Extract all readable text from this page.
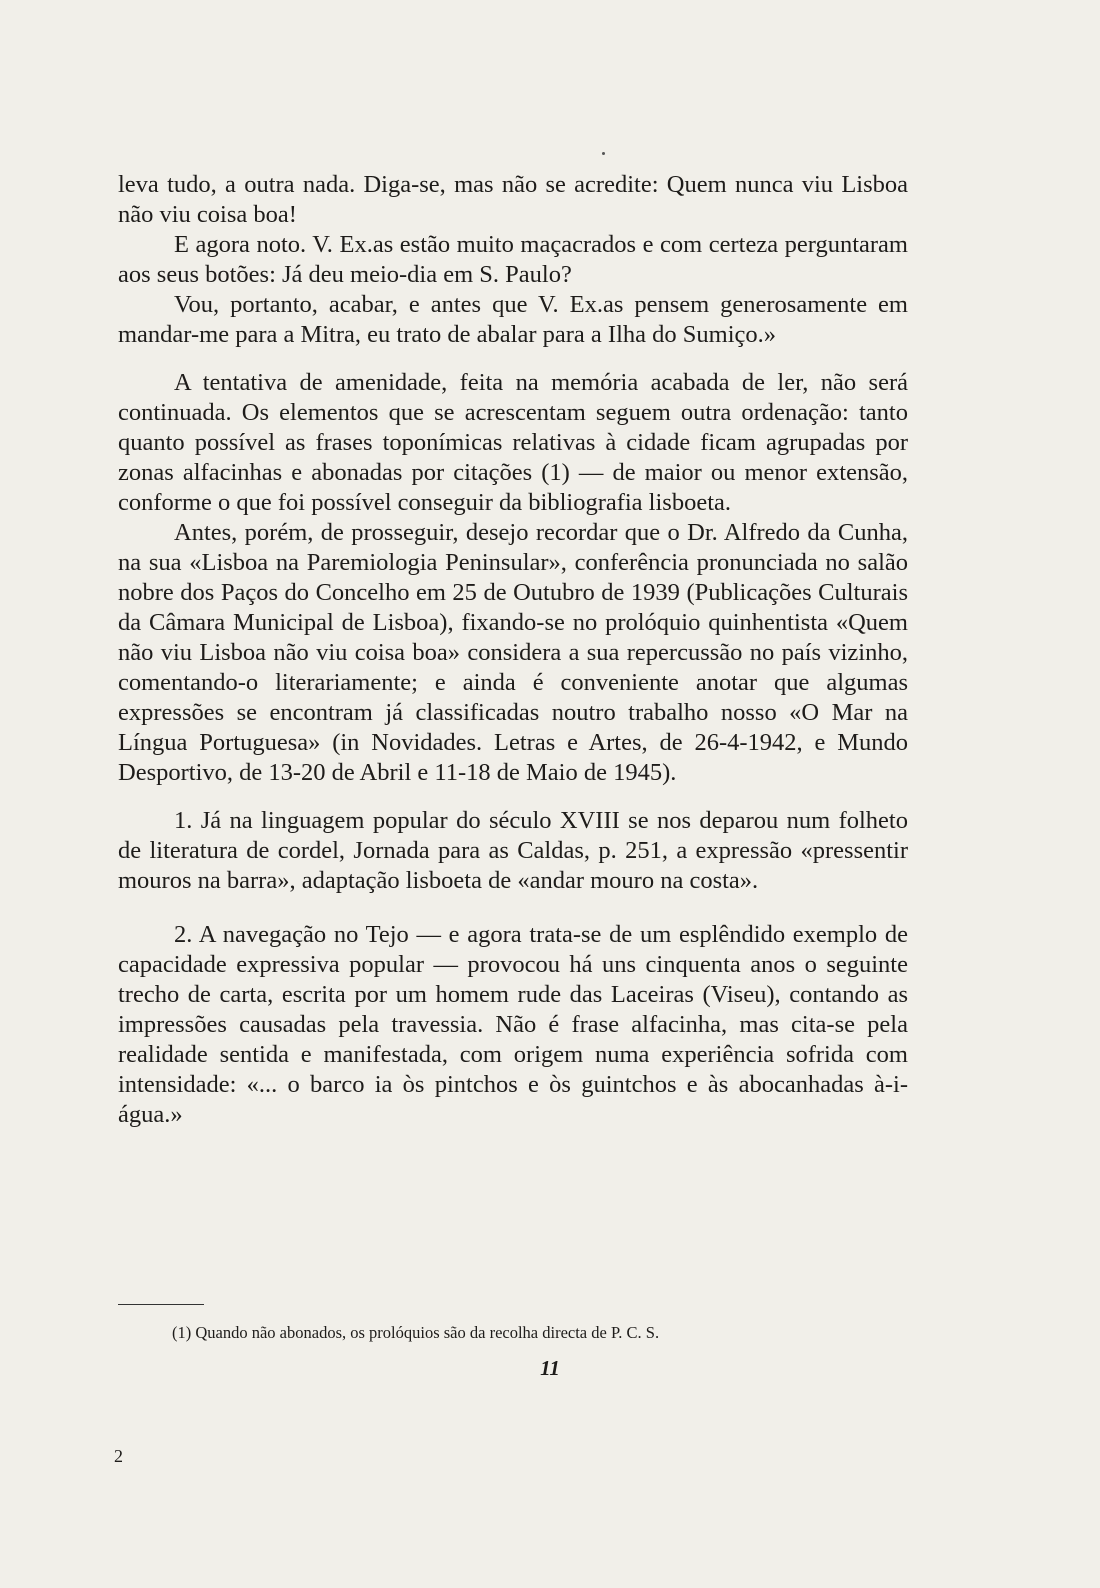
leva tudo, a outra nada. Diga-se, mas não se acredite: Quem nunca viu Lisboa não viu coisa boa!

E agora noto. V. Ex.as estão muito maçacrados e com certeza perguntaram aos seus botões: Já deu meio-dia em S. Paulo?

Vou, portanto, acabar, e antes que V. Ex.as pensem generosamente em mandar-me para a Mitra, eu trato de abalar para a Ilha do Sumiço.»

A tentativa de amenidade, feita na memória acabada de ler, não será continuada. Os elementos que se acrescentam seguem outra ordenação: tanto quanto possível as frases toponímicas relativas à cidade ficam agrupadas por zonas alfacinhas e abonadas por citações (1) — de maior ou menor extensão, conforme o que foi possível conseguir da bibliografia lisboeta.

Antes, porém, de prosseguir, desejo recordar que o Dr. Alfredo da Cunha, na sua «Lisboa na Paremiologia Peninsular», conferência pronunciada no salão nobre dos Paços do Concelho em 25 de Outubro de 1939 (Publicações Culturais da Câmara Municipal de Lisboa), fixando-se no prolóquio quinhentista «Quem não viu Lisboa não viu coisa boa» considera a sua repercussão no país vizinho, comentando-o literariamente; e ainda é conveniente anotar que algumas expressões se encontram já classificadas noutro trabalho nosso «O Mar na Língua Portuguesa» (in Novidades. Letras e Artes, de 26-4-1942, e Mundo Desportivo, de 13-20 de Abril e 11-18 de Maio de 1945).

1. Já na linguagem popular do século XVIII se nos deparou num folheto de literatura de cordel, Jornada para as Caldas, p. 251, a expressão «pressentir mouros na barra», adaptação lisboeta de «andar mouro na costa».

2. A navegação no Tejo — e agora trata-se de um esplêndido exemplo de capacidade expressiva popular — provocou há uns cinquenta anos o seguinte trecho de carta, escrita por um homem rude das Laceiras (Viseu), contando as impressões causadas pela travessia. Não é frase alfacinha, mas cita-se pela realidade sentida e manifestada, com origem numa experiência sofrida com intensidade: «... o barco ia òs pintchos e òs guintchos e às abocanhadas à-i-água.»

(1) Quando não abonados, os prolóquios são da recolha directa de P. C. S.

11

2
